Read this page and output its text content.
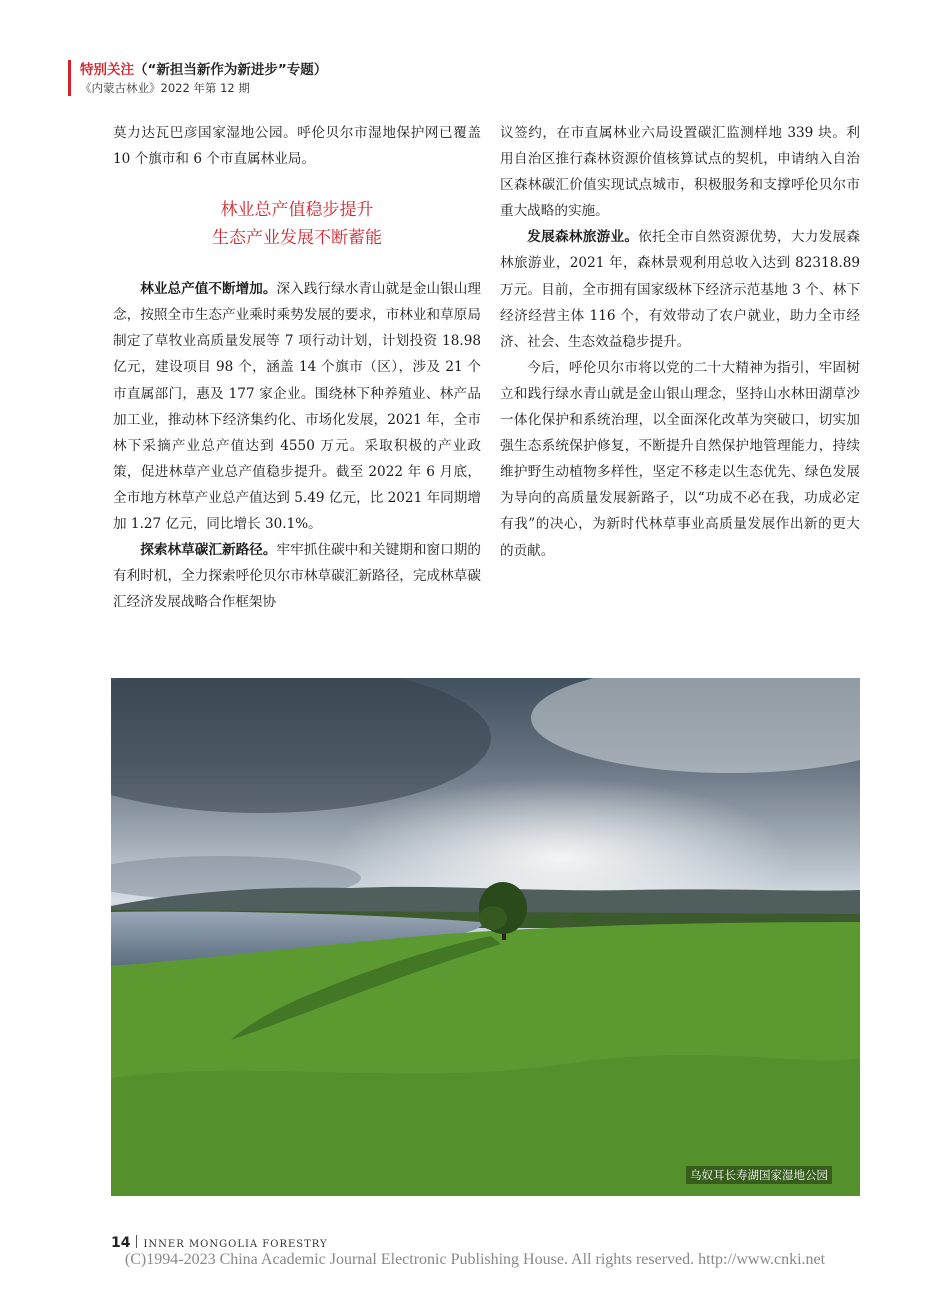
特别关注（“新担当新作为新进步”专题）
《内蒙古林业》2022 年第 12 期

莫力达瓦巴彦国家湿地公园。呼伦贝尔市湿地保护网已覆盖 10 个旗市和 6 个市直属林业局。

林业总产值稳步提升
生态产业发展不断蓄能

林业总产值不断增加。深入践行绿水青山就是金山银山理念，按照全市生态产业乘时乘势发展的要求，市林业和草原局制定了草牧业高质量发展等 7 项行动计划，计划投资 18.98 亿元，建设项目 98 个，涵盖 14 个旗市（区），涉及 21 个市直属部门，惠及 177 家企业。围绕林下种养殖业、林产品加工业，推动林下经济集约化、市场化发展，2021 年，全市林下采摘产业总产值达到 4550 万元。采取积极的产业政策，促进林草产业总产值稳步提升。截至 2022 年 6 月底，全市地方林草产业总产值达到 5.49 亿元，比 2021 年同期增加 1.27 亿元，同比增长 30.1%。

探索林草碳汇新路径。牢牢抓住碳中和关键期和窗口期的有利时机，全力探索呼伦贝尔市林草碳汇新路径，完成林草碳汇经济发展战略合作框架协

议签约，在市直属林业六局设置碳汇监测样地 339 块。利用自治区推行森林资源价值核算试点的契机，申请纳入自治区森林碳汇价值实现试点城市，积极服务和支撑呼伦贝尔市重大战略的实施。

发展森林旅游业。依托全市自然资源优势，大力发展森林旅游业，2021 年，森林景观利用总收入达到 82318.89 万元。目前，全市拥有国家级林下经济示范基地 3 个、林下经济经营主体 116 个，有效带动了农户就业，助力全市经济、社会、生态效益稳步提升。

今后，呼伦贝尔市将以党的二十大精神为指引，牢固树立和践行绿水青山就是金山银山理念，坚持山水林田湖草沙一体化保护和系统治理，以全面深化改革为突破口，切实加强生态系统保护修复，不断提升自然保护地管理能力，持续维护野生动植物多样性，坚定不移走以生态优先、绿色发展为导向的高质量发展新路子，以“功成不必在我，功成必定有我”的决心，为新时代林草事业高质量发展作出新的更大的贡献。

乌奴耳长寿湖国家湿地公园
14 INNER MONGOLIA FORESTRY
(C)1994-2023 China Academic Journal Electronic Publishing House. All rights reserved. http://www.cnki.net
